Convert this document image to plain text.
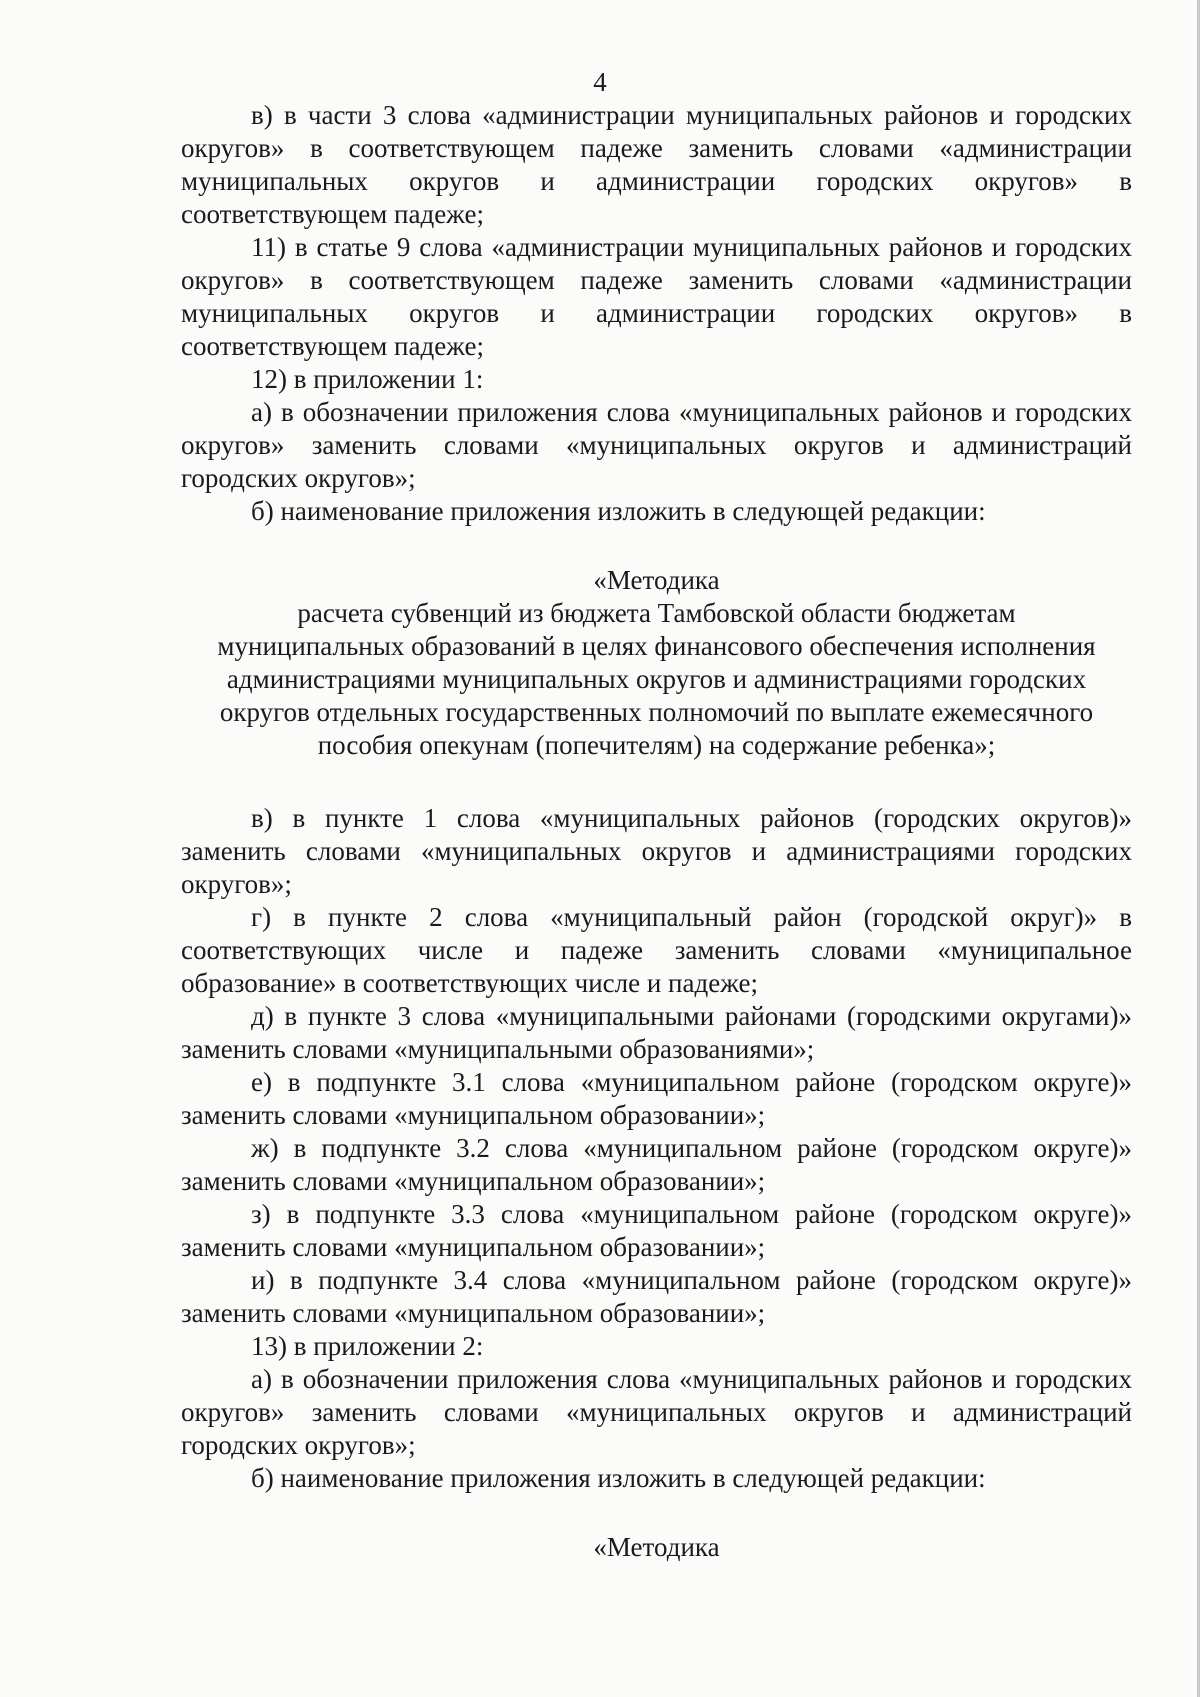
4

в) в части 3 слова «администрации муниципальных районов и городских округов» в соответствующем падеже заменить словами «администрации муниципальных округов и администрации городских округов» в соответствующем падеже;

11) в статье 9 слова «администрации муниципальных районов и городских округов» в соответствующем падеже заменить словами «администрации муниципальных округов и администрации городских округов» в соответствующем падеже;

12) в приложении 1:

а) в обозначении приложения слова «муниципальных районов и городских округов» заменить словами «муниципальных округов и администраций городских округов»;

б) наименование приложения изложить в следующей редакции:

«Методика

расчета субвенций из бюджета Тамбовской области бюджетам

муниципальных образований в целях финансового обеспечения исполнения

администрациями муниципальных округов и администрациями городских

округов отдельных государственных полномочий по выплате ежемесячного

пособия опекунам (попечителям) на содержание ребенка»;

в) в пункте 1 слова «муниципальных районов (городских округов)» заменить словами «муниципальных округов и администрациями городских округов»;

г) в пункте 2 слова «муниципальный район (городской округ)» в соответствующих числе и падеже заменить словами «муниципальное образование» в соответствующих числе и падеже;

д) в пункте 3 слова «муниципальными районами (городскими округами)» заменить словами «муниципальными образованиями»;

е) в подпункте 3.1 слова «муниципальном районе (городском округе)» заменить словами «муниципальном образовании»;

ж) в подпункте 3.2 слова «муниципальном районе (городском округе)» заменить словами «муниципальном образовании»;

з) в подпункте 3.3 слова «муниципальном районе (городском округе)» заменить словами «муниципальном образовании»;

и) в подпункте 3.4 слова «муниципальном районе (городском округе)» заменить словами «муниципальном образовании»;

13) в приложении 2:

а) в обозначении приложения слова «муниципальных районов и городских округов» заменить словами «муниципальных округов и администраций городских округов»;

б) наименование приложения изложить в следующей редакции:

«Методика
